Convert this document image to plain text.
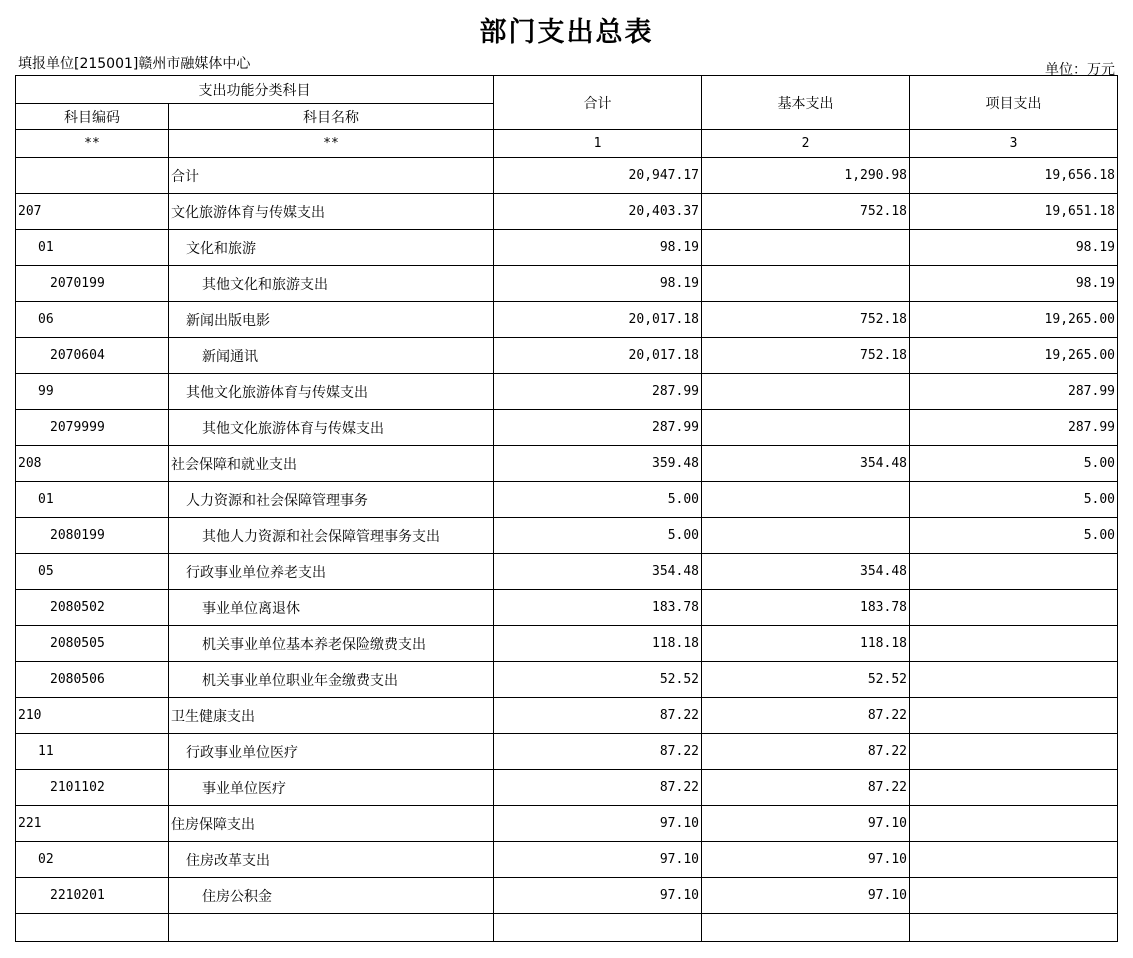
部门支出总表
填报单位[215001]赣州市融媒体中心	单位：万元
支出功能分类科目		合计	基本支出	项目支出
科目编码	科目名称			
**	**	1	2	3
	合计	20,947.17	1,290.98	19,656.18
207	文化旅游体育与传媒支出	20,403.37	752.18	19,651.18
01	文化和旅游	98.19		98.19
2070199	其他文化和旅游支出	98.19		98.19
06	新闻出版电影	20,017.18	752.18	19,265.00
2070604	新闻通讯	20,017.18	752.18	19,265.00
99	其他文化旅游体育与传媒支出	287.99		287.99
2079999	其他文化旅游体育与传媒支出	287.99		287.99
208	社会保障和就业支出	359.48	354.48	5.00
01	人力资源和社会保障管理事务	5.00		5.00
2080199	其他人力资源和社会保障管理事务支出	5.00		5.00
05	行政事业单位养老支出	354.48	354.48	
2080502	事业单位离退休	183.78	183.78	
2080505	机关事业单位基本养老保险缴费支出	118.18	118.18	
2080506	机关事业单位职业年金缴费支出	52.52	52.52	
210	卫生健康支出	87.22	87.22	
11	行政事业单位医疗	87.22	87.22	
2101102	事业单位医疗	87.22	87.22	
221	住房保障支出	97.10	97.10	
02	住房改革支出	97.10	97.10	
2210201	住房公积金	97.10	97.10	
